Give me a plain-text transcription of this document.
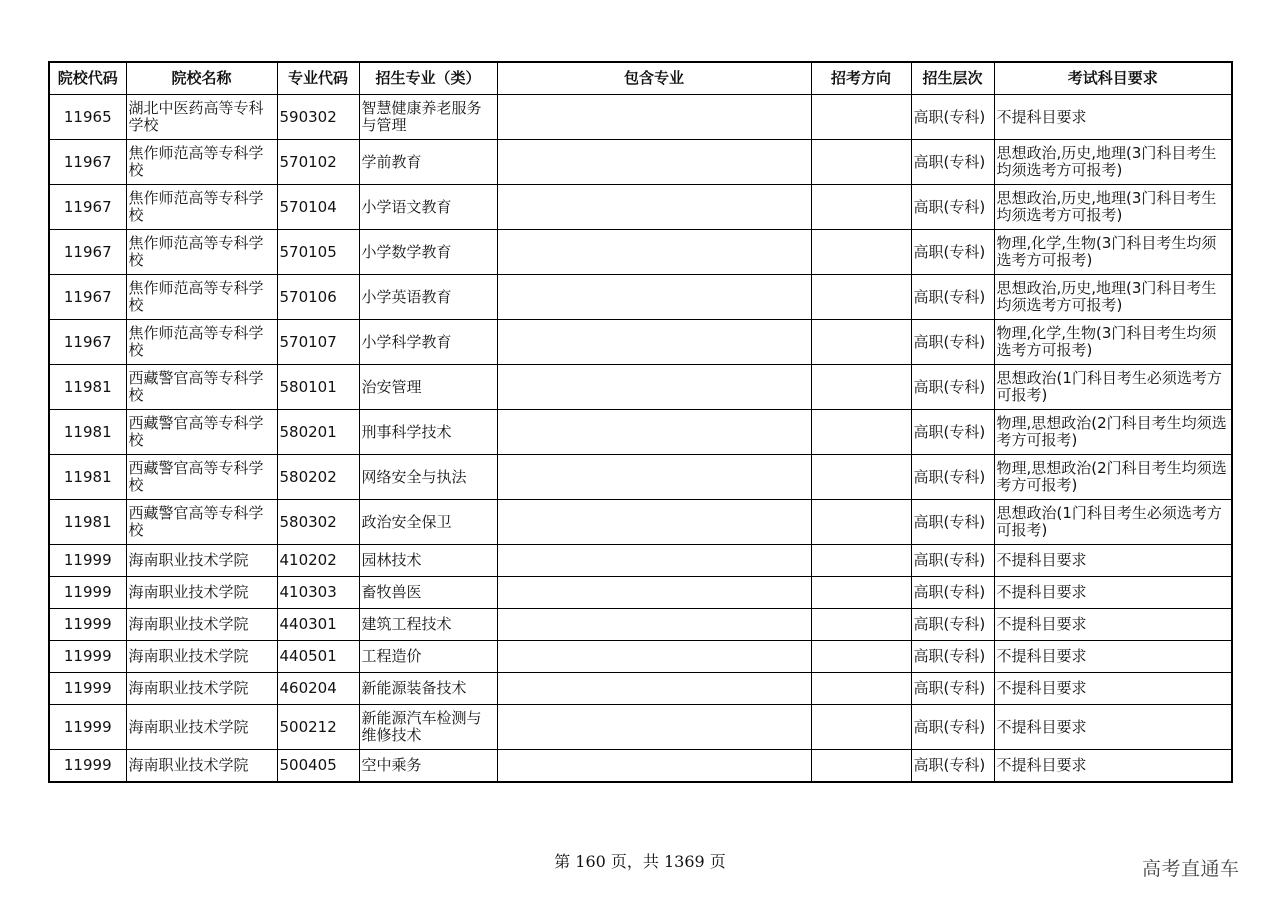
院校代码	院校名称	专业代码	招生专业（类）	包含专业	招考方向	招生层次	考试科目要求
11965	湖北中医药高等专科学校	590302	智慧健康养老服务与管理			高职(专科)	不提科目要求
11967	焦作师范高等专科学校	570102	学前教育			高职(专科)	思想政治,历史,地理(3门科目考生均须选考方可报考)
11967	焦作师范高等专科学校	570104	小学语文教育			高职(专科)	思想政治,历史,地理(3门科目考生均须选考方可报考)
11967	焦作师范高等专科学校	570105	小学数学教育			高职(专科)	物理,化学,生物(3门科目考生均须选考方可报考)
11967	焦作师范高等专科学校	570106	小学英语教育			高职(专科)	思想政治,历史,地理(3门科目考生均须选考方可报考)
11967	焦作师范高等专科学校	570107	小学科学教育			高职(专科)	物理,化学,生物(3门科目考生均须选考方可报考)
11981	西藏警官高等专科学校	580101	治安管理			高职(专科)	思想政治(1门科目考生必须选考方可报考)
11981	西藏警官高等专科学校	580201	刑事科学技术			高职(专科)	物理,思想政治(2门科目考生均须选考方可报考)
11981	西藏警官高等专科学校	580202	网络安全与执法			高职(专科)	物理,思想政治(2门科目考生均须选考方可报考)
11981	西藏警官高等专科学校	580302	政治安全保卫			高职(专科)	思想政治(1门科目考生必须选考方可报考)
11999	海南职业技术学院	410202	园林技术			高职(专科)	不提科目要求
11999	海南职业技术学院	410303	畜牧兽医			高职(专科)	不提科目要求
11999	海南职业技术学院	440301	建筑工程技术			高职(专科)	不提科目要求
11999	海南职业技术学院	440501	工程造价			高职(专科)	不提科目要求
11999	海南职业技术学院	460204	新能源装备技术			高职(专科)	不提科目要求
11999	海南职业技术学院	500212	新能源汽车检测与维修技术			高职(专科)	不提科目要求
11999	海南职业技术学院	500405	空中乘务			高职(专科)	不提科目要求
第 160 页，共 1369 页	高考直通车
